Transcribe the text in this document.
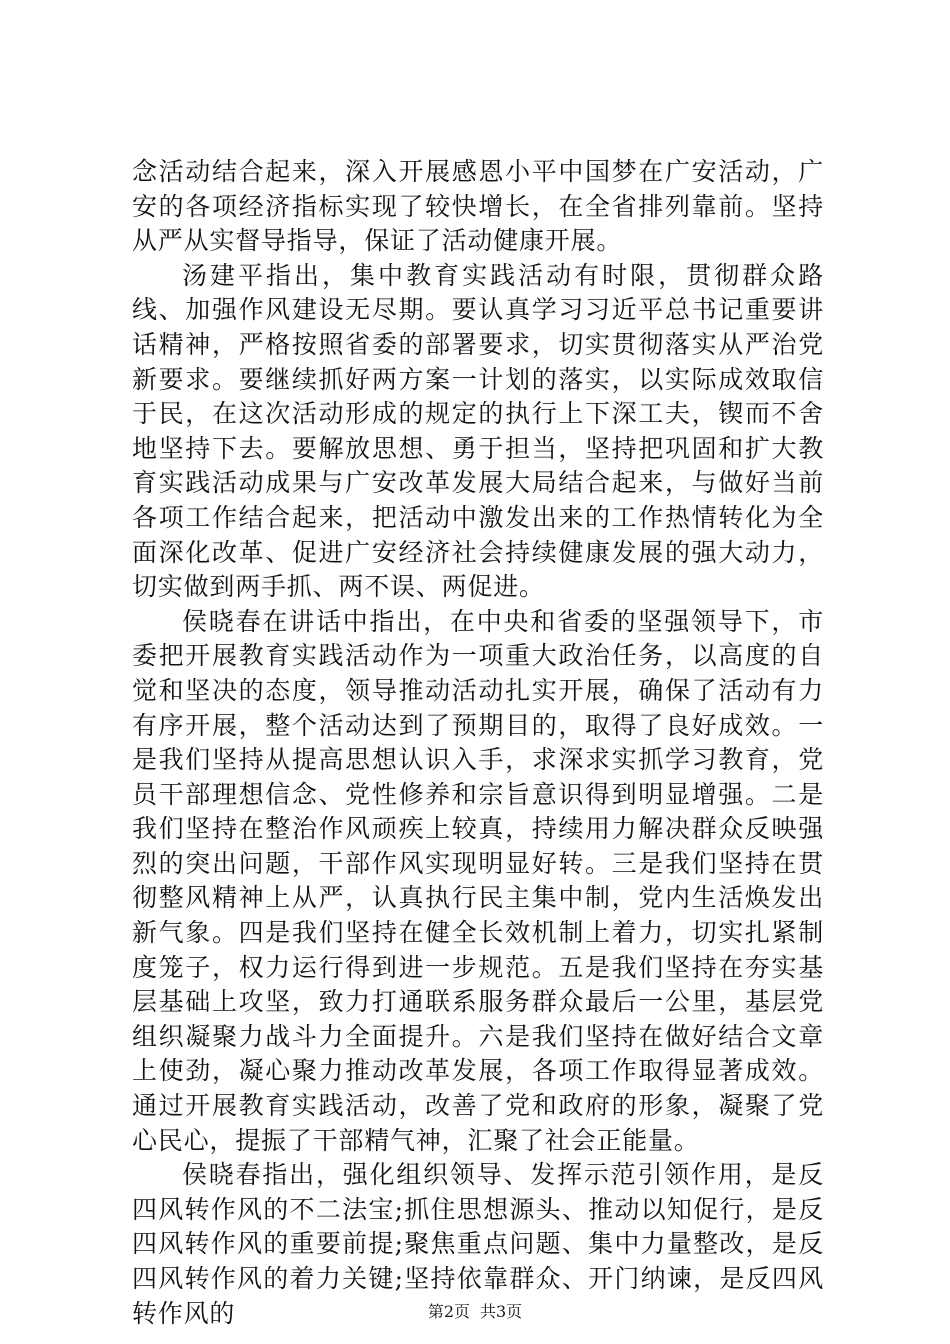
念活动结合起来，深入开展感恩小平中国梦在广安活动，广安的各项经济指标实现了较快增长，在全省排列靠前。坚持从严从实督导指导，保证了活动健康开展。

汤建平指出，集中教育实践活动有时限，贯彻群众路线、加强作风建设无尽期。要认真学习习近平总书记重要讲话精神，严格按照省委的部署要求，切实贯彻落实从严治党新要求。要继续抓好两方案一计划的落实，以实际成效取信于民，在这次活动形成的规定的执行上下深工夫，锲而不舍地坚持下去。要解放思想、勇于担当，坚持把巩固和扩大教育实践活动成果与广安改革发展大局结合起来，与做好当前各项工作结合起来，把活动中激发出来的工作热情转化为全面深化改革、促进广安经济社会持续健康发展的强大动力，切实做到两手抓、两不误、两促进。

侯晓春在讲话中指出，在中央和省委的坚强领导下，市委把开展教育实践活动作为一项重大政治任务，以高度的自觉和坚决的态度，领导推动活动扎实开展，确保了活动有力有序开展，整个活动达到了预期目的，取得了良好成效。一是我们坚持从提高思想认识入手，求深求实抓学习教育，党员干部理想信念、党性修养和宗旨意识得到明显增强。二是我们坚持在整治作风顽疾上较真，持续用力解决群众反映强烈的突出问题，干部作风实现明显好转。三是我们坚持在贯彻整风精神上从严，认真执行民主集中制，党内生活焕发出新气象。四是我们坚持在健全长效机制上着力，切实扎紧制度笼子，权力运行得到进一步规范。五是我们坚持在夯实基层基础上攻坚，致力打通联系服务群众最后一公里，基层党组织凝聚力战斗力全面提升。六是我们坚持在做好结合文章上使劲，凝心聚力推动改革发展，各项工作取得显著成效。通过开展教育实践活动，改善了党和政府的形象，凝聚了党心民心，提振了干部精气神，汇聚了社会正能量。

侯晓春指出，强化组织领导、发挥示范引领作用，是反四风转作风的不二法宝;抓住思想源头、推动以知促行，是反四风转作风的重要前提;聚焦重点问题、集中力量整改，是反四风转作风的着力关键;坚持依靠群众、开门纳谏，是反四风转作风的	第2页 共3页
